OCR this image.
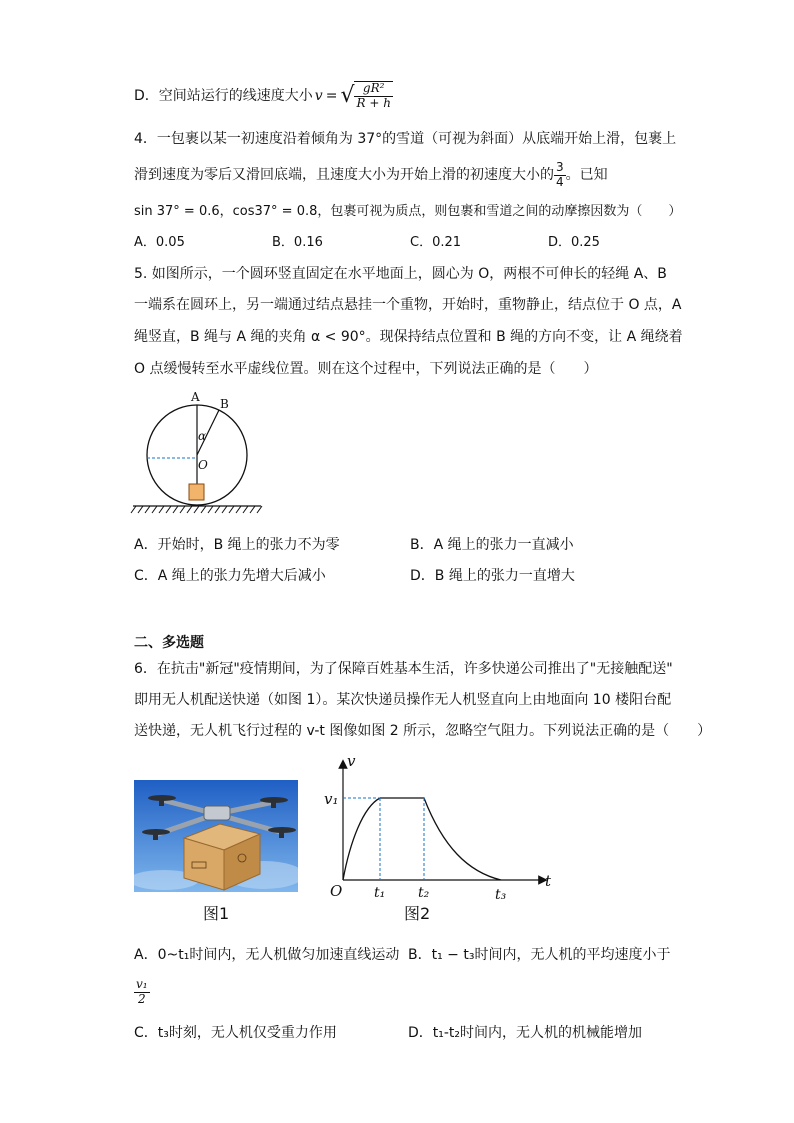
D．空间站运行的线速度大小 v = √ $\frac{\text{gR²}}{R + h}$
4．一包裹以某一初速度沿着倾角为 37°的雪道（可视为斜面）从底端开始上滑，包裹上
滑到速度为零后又滑回底端，且速度大小为开始上滑的初速度大小的 $\frac{3}{4}$ 。已知
sin 37° = 0.6，cos37° = 0.8，包裹可视为质点，则包裹和雪道之间的动摩擦因数为（　　）
A．0.05	B．0.16	C．0.21	D．0.25
5. 如图所示，一个圆环竖直固定在水平地面上，圆心为 O，两根不可伸长的轻绳 A、B
一端系在圆环上，另一端通过结点悬挂一个重物，开始时，重物静止，结点位于 O 点，A
绳竖直，B 绳与 A 绳的夹角 α < 90°。现保持结点位置和 B 绳的方向不变，让 A 绳绕着
O 点缓慢转至水平虚线位置。则在这个过程中，下列说法正确的是（　　）
A B
α
O
A．开始时，B 绳上的张力不为零	B．A 绳上的张力一直减小
C．A 绳上的张力先增大后减小	D．B 绳上的张力一直增大
二、多选题
6．在抗击"新冠"疫情期间，为了保障百姓基本生活，许多快递公司推出了"无接触配送"
即用无人机配送快递（如图 1）。某次快递员操作无人机竖直向上由地面向 10 楼阳台配
送快递，无人机飞行过程的 v-t 图像如图 2 所示，忽略空气阻力。下列说法正确的是（　　）
图1
v
v₁
O
t
t₁ t₂	t₃
图2
A．0~t₁时间内，无人机做匀加速直线运动 B．t₁ − t₃时间内，无人机的平均速度小于
$\frac{\text{v₁}}{2}$
C．t₃时刻，无人机仅受重力作用	D．t₁-t₂时间内，无人机的机械能增加
